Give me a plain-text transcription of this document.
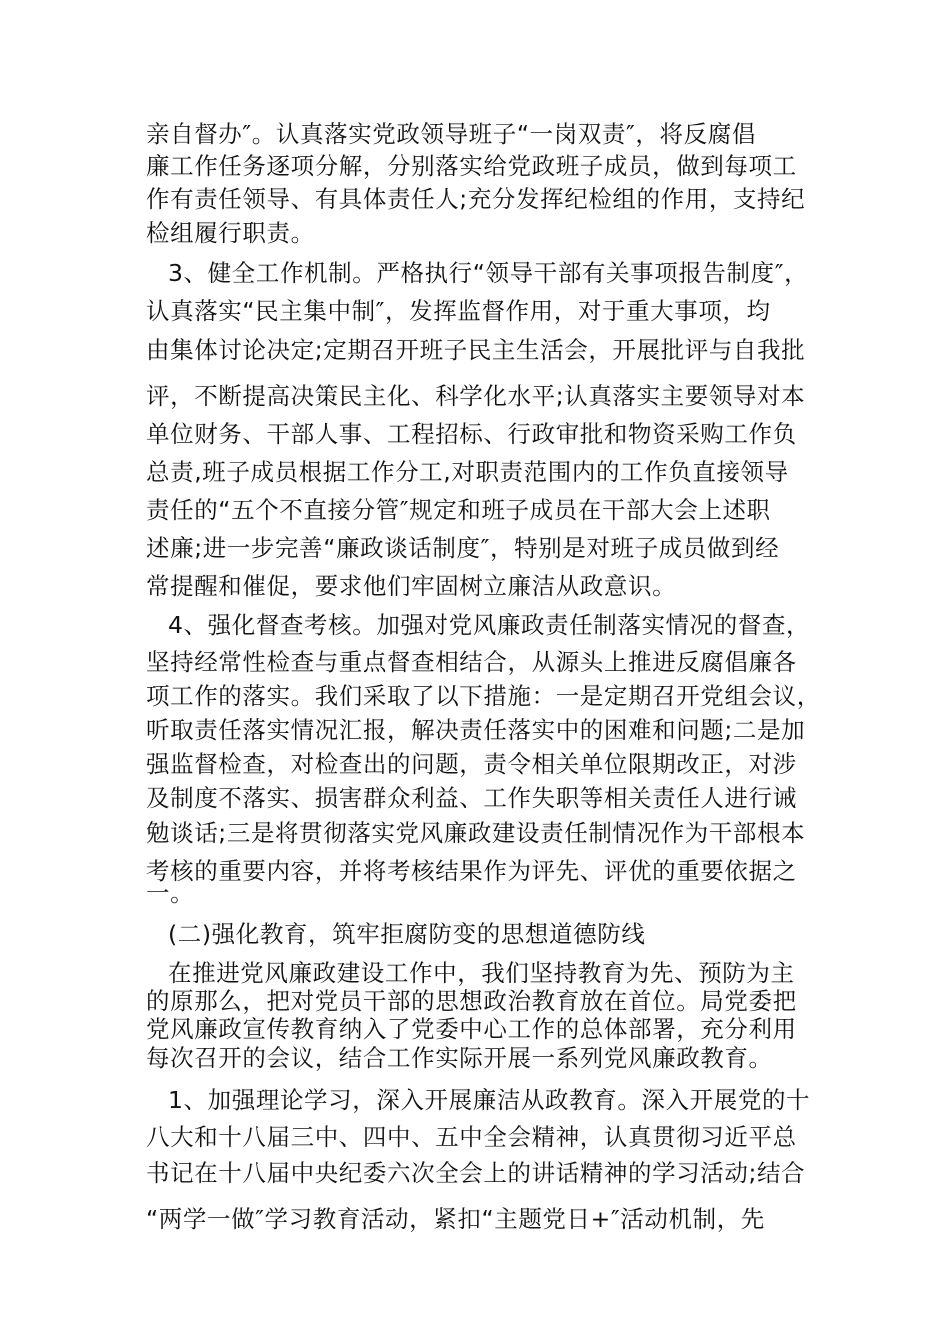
亲自督办″。认真落实党政领导班子“一岗双责″，将反腐倡

廉工作任务逐项分解，分别落实给党政班子成员，做到每项工

作有责任领导、有具体责任人;充分发挥纪检组的作用，支持纪

检组履行职责。

3、健全工作机制。严格执行“领导干部有关事项报告制度″，

认真落实“民主集中制″，发挥监督作用，对于重大事项，均

由集体讨论决定;定期召开班子民主生活会，开展批评与自我批

评，不断提高决策民主化、科学化水平;认真落实主要领导对本

单位财务、干部人事、工程招标、行政审批和物资采购工作负

总责,班子成员根据工作分工,对职责范围内的工作负直接领导

责任的“五个不直接分管″规定和班子成员在干部大会上述职

述廉;进一步完善“廉政谈话制度″，特别是对班子成员做到经

常提醒和催促，要求他们牢固树立廉洁从政意识。

4、强化督查考核。加强对党风廉政责任制落实情况的督查，

坚持经常性检查与重点督查相结合，从源头上推进反腐倡廉各

项工作的落实。我们采取了以下措施：一是定期召开党组会议，

听取责任落实情况汇报，解决责任落实中的困难和问题;二是加

强监督检查，对检查出的问题，责令相关单位限期改正，对涉

及制度不落实、损害群众利益、工作失职等相关责任人进行诫

勉谈话;三是将贯彻落实党风廉政建设责任制情况作为干部根本

考核的重要内容，并将考核结果作为评先、评优的重要依据之

一。

(二)强化教育，筑牢拒腐防变的思想道德防线

在推进党风廉政建设工作中，我们坚持教育为先、预防为主

的原那么，把对党员干部的思想政治教育放在首位。局党委把

党风廉政宣传教育纳入了党委中心工作的总体部署，充分利用

每次召开的会议，结合工作实际开展一系列党风廉政教育。

1、加强理论学习，深入开展廉洁从政教育。深入开展党的十

八大和十八届三中、四中、五中全会精神，认真贯彻习近平总

书记在十八届中央纪委六次全会上的讲话精神的学习活动;结合

“两学一做″学习教育活动，紧扣“主题党日+″活动机制，先
